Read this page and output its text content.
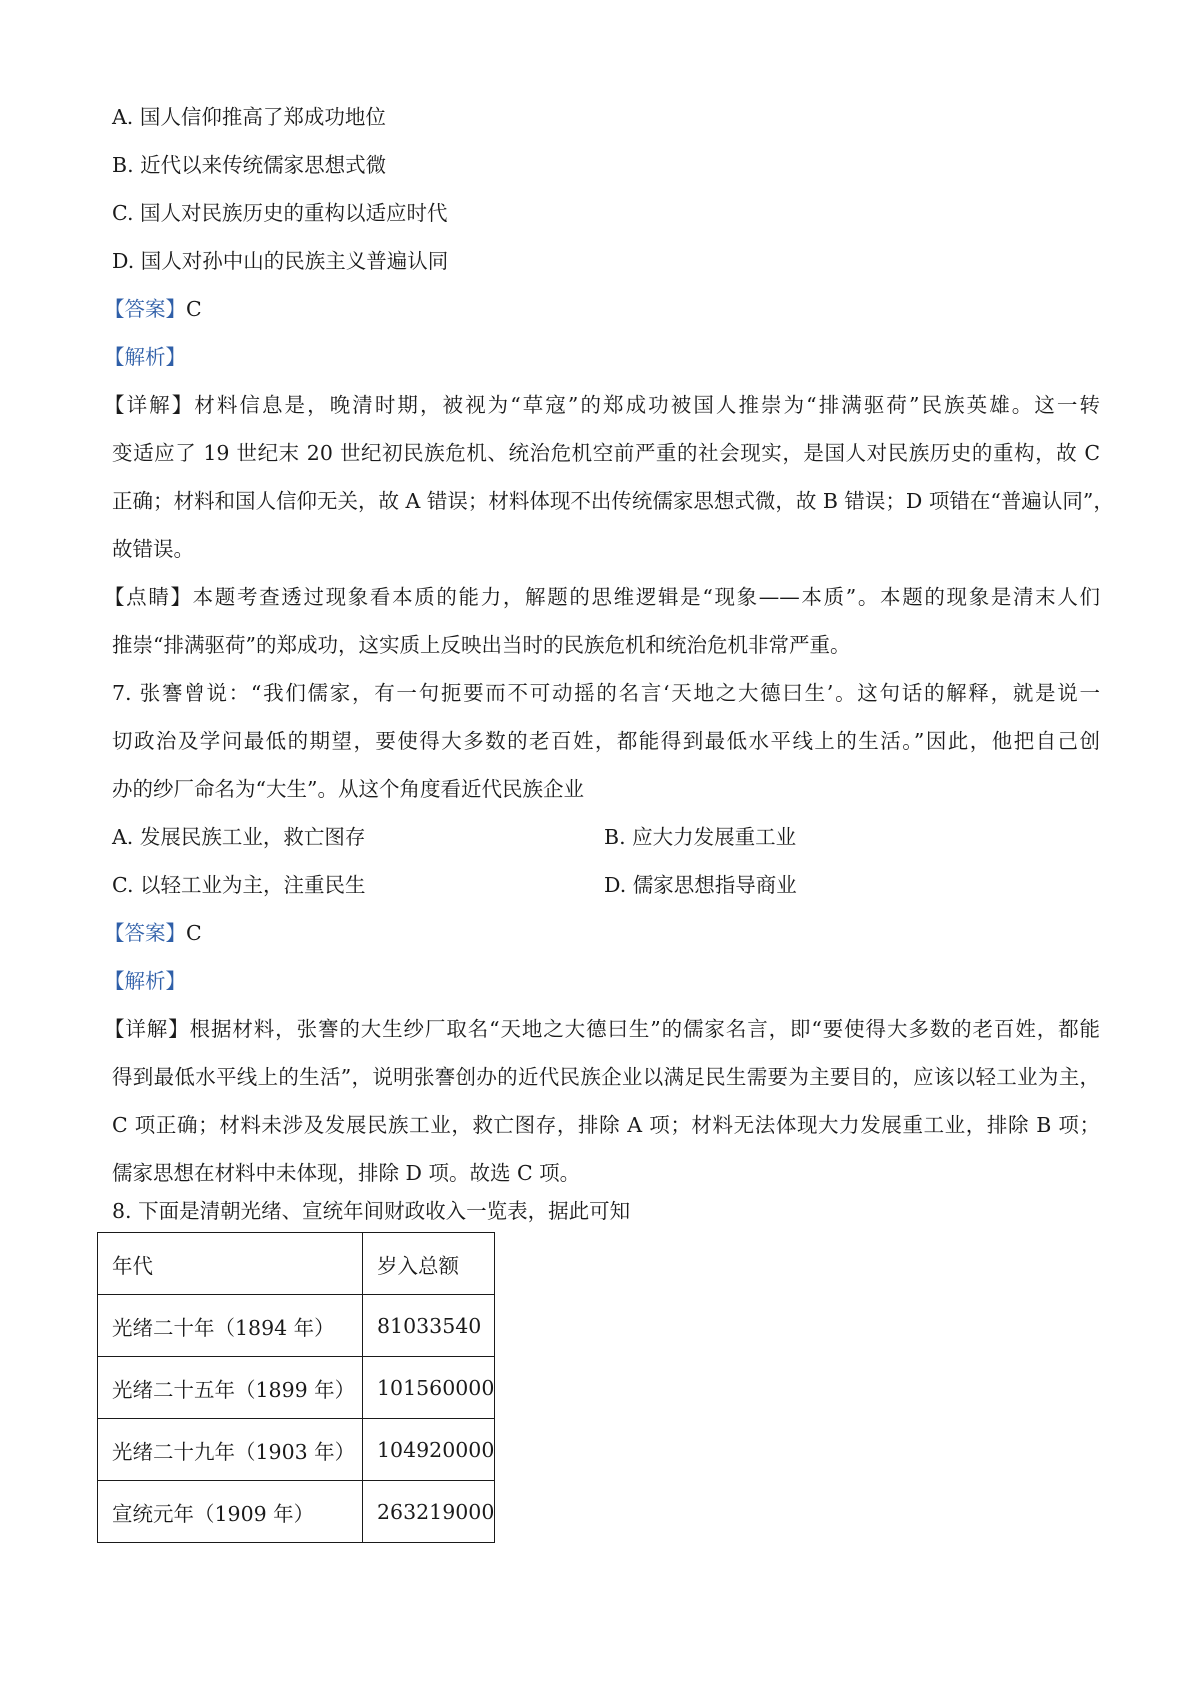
A. 国人信仰推高了郑成功地位
B. 近代以来传统儒家思想式微
C. 国人对民族历史的重构以适应时代
D. 国人对孙中山的民族主义普遍认同
【答案】C
【解析】
【详解】材料信息是，晚清时期，被视为“草寇”的郑成功被国人推崇为“排满驱荷”民族英雄。这一转
变适应了 19 世纪末 20 世纪初民族危机、统治危机空前严重的社会现实，是国人对民族历史的重构，故 C
正确；材料和国人信仰无关，故 A 错误；材料体现不出传统儒家思想式微，故 B 错误；D 项错在“普遍认同”，
故错误。
【点睛】本题考查透过现象看本质的能力，解题的思维逻辑是“现象——本质”。本题的现象是清末人们
推崇“排满驱荷”的郑成功，这实质上反映出当时的民族危机和统治危机非常严重。
7. 张謇曾说：“我们儒家，有一句扼要而不可动摇的名言‘天地之大德曰生’。这句话的解释，就是说一
切政治及学问最低的期望，要使得大多数的老百姓，都能得到最低水平线上的生活。”因此，他把自己创
办的纱厂命名为“大生”。从这个角度看近代民族企业
A. 发展民族工业，救亡图存	B. 应大力发展重工业
C. 以轻工业为主，注重民生	D. 儒家思想指导商业
【答案】C
【解析】
【详解】根据材料，张謇的大生纱厂取名“天地之大德曰生”的儒家名言，即“要使得大多数的老百姓，都能
得到最低水平线上的生活”，说明张謇创办的近代民族企业以满足民生需要为主要目的，应该以轻工业为主，
C 项正确；材料未涉及发展民族工业，救亡图存，排除 A 项；材料无法体现大力发展重工业，排除 B 项；
儒家思想在材料中未体现，排除 D 项。故选 C 项。
8. 下面是清朝光绪、宣统年间财政收入一览表，据此可知
年代	岁入总额
光绪二十年（1894 年）	81033540
光绪二十五年（1899 年）	101560000
光绪二十九年（1903 年）	104920000
宣统元年（1909 年）	263219000
